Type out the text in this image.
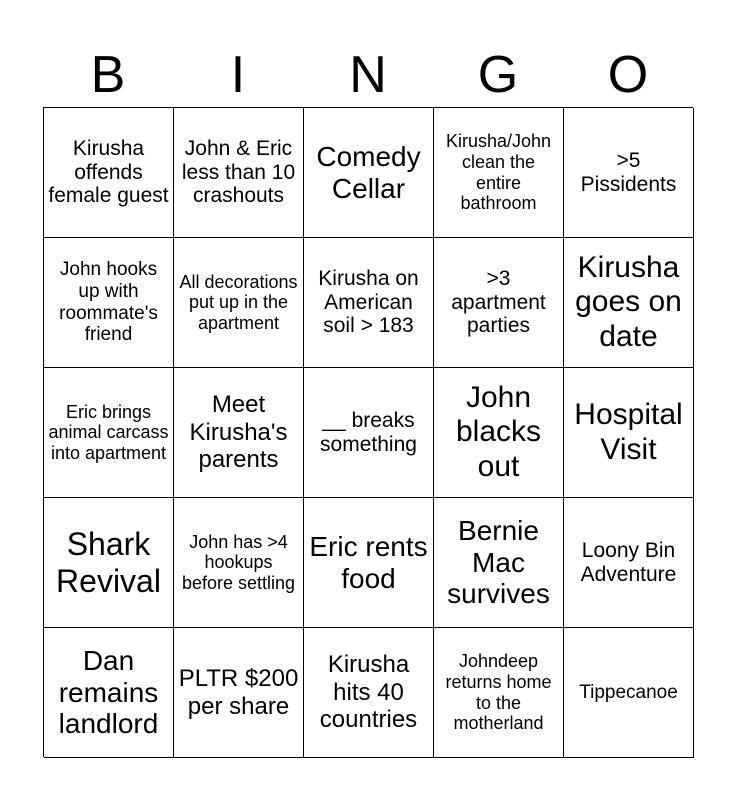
B	I	N	G	O
Kirusha offends female guest
John & Eric less than 10 crashouts
Comedy Cellar
Kirusha/John clean the entire bathroom
>5 Pissidents
John hooks up with roommate's friend
All decorations put up in the apartment
Kirusha on American soil > 183
>3 apartment parties
Kirusha goes on date
Eric brings animal carcass into apartment
Meet Kirusha's parents
__ breaks something
John blacks out
Hospital Visit
Shark Revival
John has >4 hookups before settling
Eric rents food
Bernie Mac survives
Loony Bin Adventure
Dan remains landlord
PLTR $200 per share
Kirusha hits 40 countries
Johndeep returns home to the motherland
Tippecanoe
